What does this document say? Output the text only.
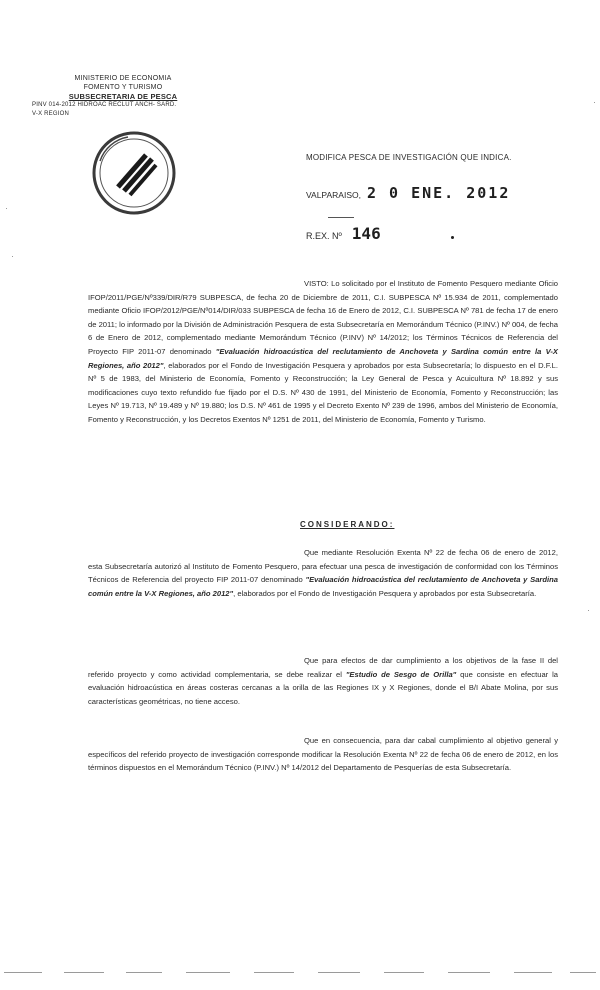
MINISTERIO DE ECONOMIA
FOMENTO Y TURISMO
SUBSECRETARIA DE PESCA
PINV 014-2012 HIDROAC RECLUT ANCH- SARD.
V-X REGION
MODIFICA PESCA DE INVESTIGACIÓN QUE INDICA.
VALPARAISO, 2 0 ENE. 2012
R.EX. Nº 146

VISTO: Lo solicitado por el Instituto de Fomento Pesquero mediante Oficio IFOP/2011/PGE/Nº339/DIR/R79 SUBPESCA, de fecha 20 de Diciembre de 2011, C.I. SUBPESCA Nº 15.934 de 2011, complementado mediante Oficio IFOP/2012/PGE/Nº014/DIR/033 SUBPESCA de fecha 16 de Enero de 2012, C.I. SUBPESCA Nº 781 de fecha 17 de enero de 2011; lo informado por la División de Administración Pesquera de esta Subsecretaría en Memorándum Técnico (P.INV.) Nº 004, de fecha 6 de Enero de 2012, complementado mediante Memorándum Técnico (P.INV) Nº 14/2012; los Términos Técnicos de Referencia del Proyecto FIP 2011-07 denominado "Evaluación hidroacústica del reclutamiento de Anchoveta y Sardina común entre la V-X Regiones, año 2012", elaborados por el Fondo de Investigación Pesquera y aprobados por esta Subsecretaría; lo dispuesto en el D.F.L. Nº 5 de 1983, del Ministerio de Economía, Fomento y Reconstrucción; la Ley General de Pesca y Acuicultura Nº 18.892 y sus modificaciones cuyo texto refundido fue fijado por el D.S. Nº 430 de 1991, del Ministerio de Economía, Fomento y Reconstrucción; las Leyes Nº 19.713, Nº 19.489 y Nº 19.880; los D.S. Nº 461 de 1995 y el Decreto Exento Nº 239 de 1996, ambos del Ministerio de Economía, Fomento y Reconstrucción, y los Decretos Exentos Nº 1251 de 2011, del Ministerio de Economía, Fomento y Turismo.

CONSIDERANDO:

Que mediante Resolución Exenta Nº 22 de fecha 06 de enero de 2012, esta Subsecretaría autorizó al Instituto de Fomento Pesquero, para efectuar una pesca de investigación de conformidad con los Términos Técnicos de Referencia del proyecto FIP 2011-07 denominado "Evaluación hidroacústica del reclutamiento de Anchoveta y Sardina común entre la V-X Regiones, año 2012", elaborados por el Fondo de Investigación Pesquera y aprobados por esta Subsecretaría.

Que para efectos de dar cumplimiento a los objetivos de la fase II del referido proyecto y como actividad complementaria, se debe realizar el "Estudio de Sesgo de Orilla" que consiste en efectuar la evaluación hidroacústica en áreas costeras cercanas a la orilla de las Regiones IX y X Regiones, donde el B/I Abate Molina, por sus características geométricas, no tiene acceso.

Que en consecuencia, para dar cabal cumplimiento al objetivo general y específicos del referido proyecto de investigación corresponde modificar la Resolución Exenta Nº 22 de fecha 06 de enero de 2012, en los términos dispuestos en el Memorándum Técnico (P.INV.) Nº 14/2012 del Departamento de Pesquerías de esta Subsecretaría.
